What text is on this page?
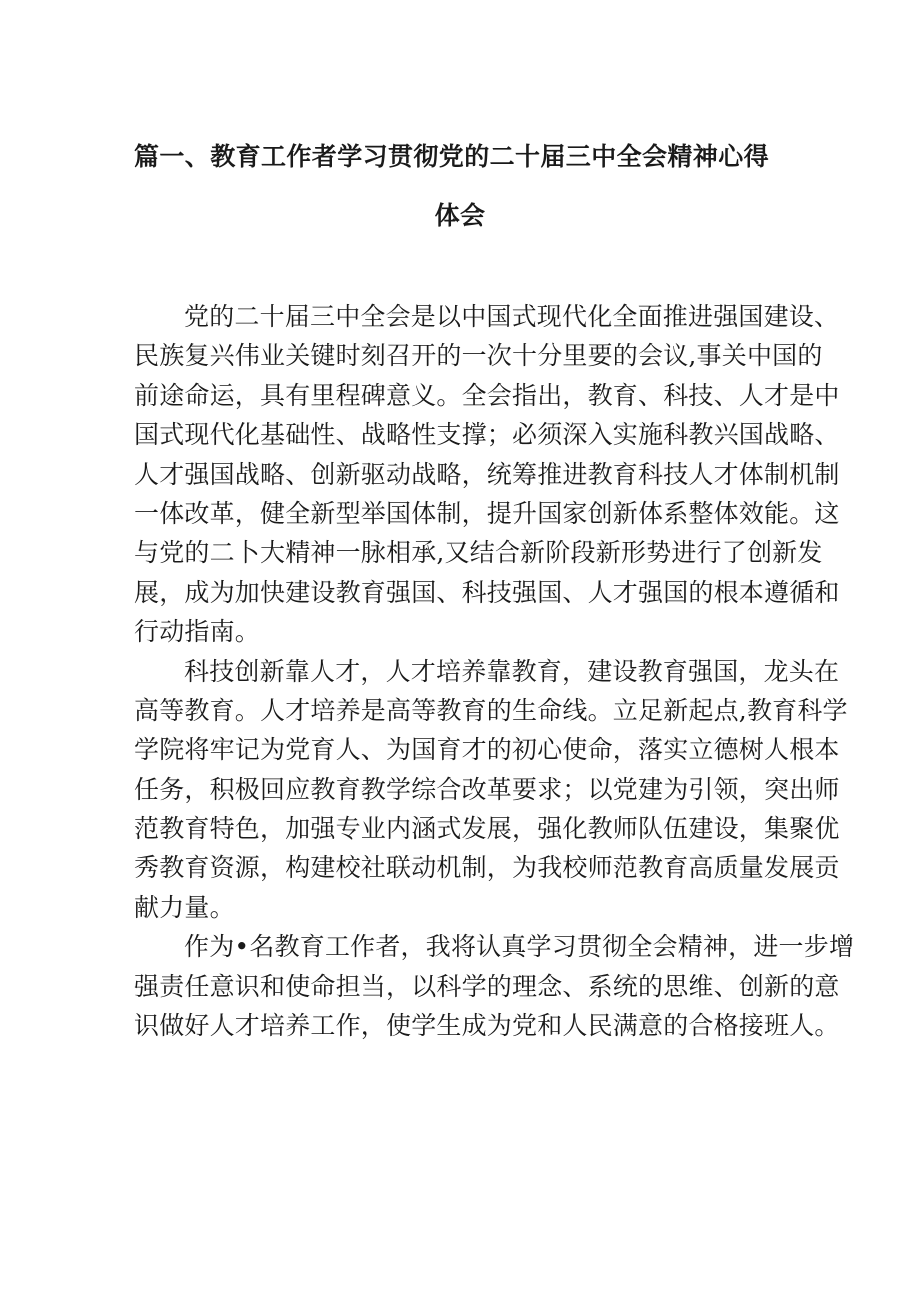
篇一、教育工作者学习贯彻党的二十届三中全会精神心得
体会

党的二十届三中全会是以中国式现代化全面推进强国建设、
民族复兴伟业关键时刻召开的一次十分里要的会议,事关中国的
前途命运，具有里程碑意义。全会指出，教育、科技、人才是中
国式现代化基础性、战略性支撑；必须深入实施科教兴国战略、
人才强国战略、创新驱动战略，统筹推进教育科技人才体制机制
一体改革，健全新型举国体制，提升国家创新体系整体效能。这
与党的二卜大精神一脉相承,又结合新阶段新形势进行了创新发
展，成为加快建设教育强国、科技强国、人才强国的根本遵循和
行动指南。

科技创新靠人才，人才培养靠教育，建设教育强国，龙头在
高等教育。人才培养是高等教育的生命线。立足新起点,教育科学
学院将牢记为党育人、为国育才的初心使命，落实立德树人根本
任务，积极回应教育教学综合改革要求；以党建为引领，突出师
范教育特色，加强专业内涵式发展，强化教师队伍建设，集聚优
秀教育资源，构建校社联动机制，为我校师范教育高质量发展贡
献力量。

作为•名教育工作者，我将认真学习贯彻全会精神，进一步增
强责任意识和使命担当，以科学的理念、系统的思维、创新的意
识做好人才培养工作，使学生成为党和人民满意的合格接班人。
